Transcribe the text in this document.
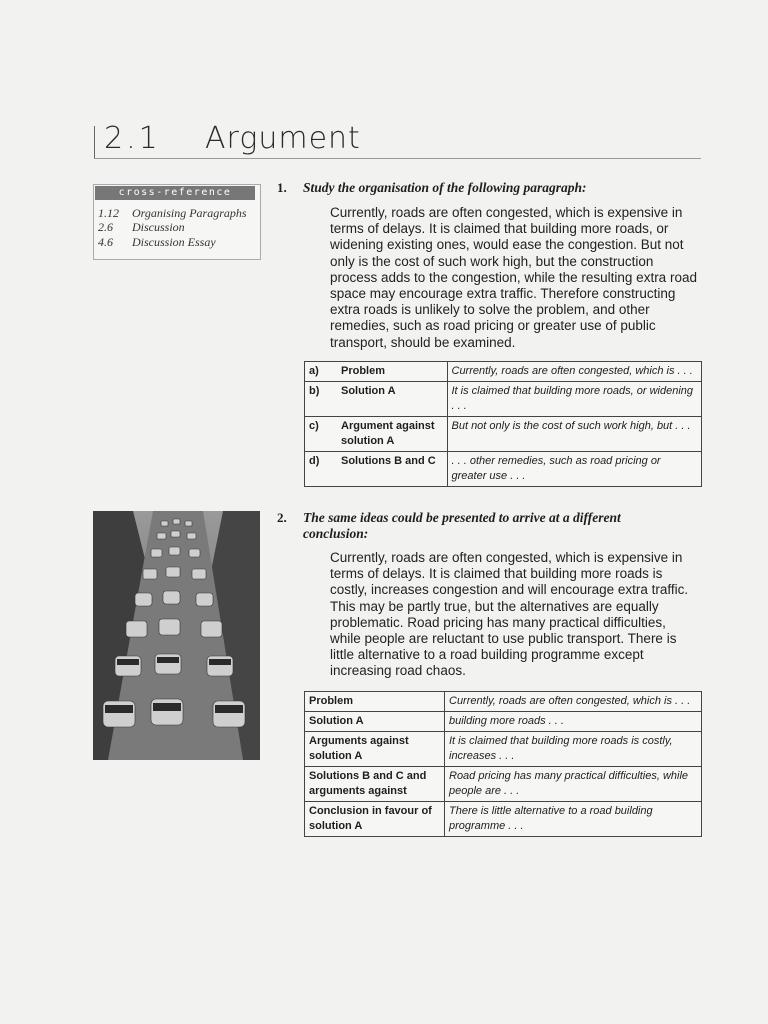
2.1 Argument
cross-reference
1.12 Organising Paragraphs
2.6 Discussion
4.6 Discussion Essay
1. Study the organisation of the following paragraph:
Currently, roads are often congested, which is expensive in terms of delays. It is claimed that building more roads, or widening existing ones, would ease the congestion. But not only is the cost of such work high, but the construction process adds to the congestion, while the resulting extra road space may encourage extra traffic. Therefore constructing extra roads is unlikely to solve the problem, and other remedies, such as road pricing or greater use of public transport, should be examined.
a)	Problem	Currently, roads are often congested, which is . . .
b)	Solution A	It is claimed that building more roads, or widening . . .
c)	Argument against solution A	But not only is the cost of such work high, but . . .
d)	Solutions B and C	. . . other remedies, such as road pricing or greater use . . .
2. The same ideas could be presented to arrive at a different conclusion:
Currently, roads are often congested, which is expensive in terms of delays. It is claimed that building more roads is costly, increases congestion and will encourage extra traffic. This may be partly true, but the alternatives are equally problematic. Road pricing has many practical difficulties, while people are reluctant to use public transport. There is little alternative to a road building programme except increasing road chaos.
Problem	Currently, roads are often congested, which is . . .
Solution A	building more roads . . .
Arguments against solution A	It is claimed that building more roads is costly, increases . . .
Solutions B and C and arguments against	Road pricing has many practical difficulties, while people are . . .
Conclusion in favour of solution A	There is little alternative to a road building programme . . .
